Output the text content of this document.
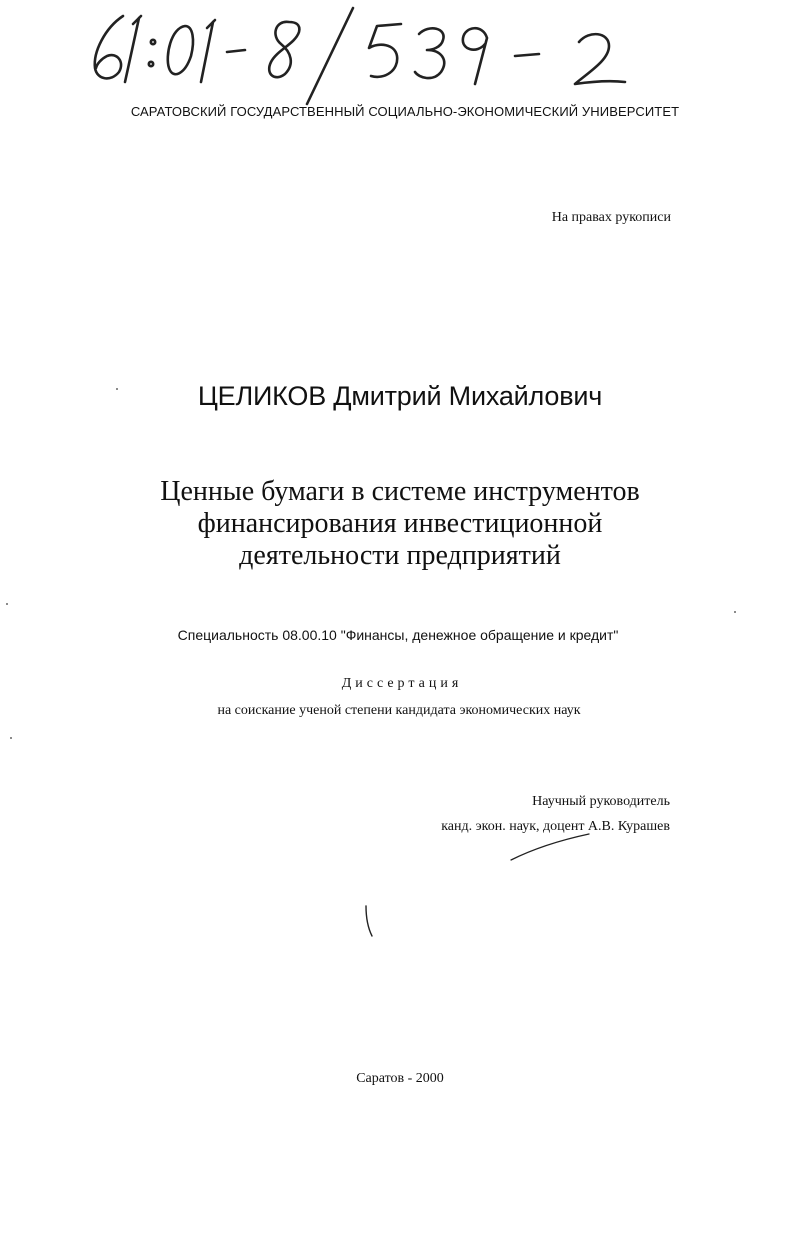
САРАТОВСКИЙ ГОСУДАРСТВЕННЫЙ СОЦИАЛЬНО-ЭКОНОМИЧЕСКИЙ УНИВЕРСИТЕТ
На правах рукописи
ЦЕЛИКОВ Дмитрий Михайлович
Ценные бумаги в системе инструментов
финансирования инвестиционной
деятельности предприятий
Специальность 08.00.10 "Финансы, денежное обращение и кредит"
Диссертация
на соискание ученой степени кандидата экономических наук
Научный руководитель
канд. экон. наук, доцент А.В. Курашев
Саратов - 2000
